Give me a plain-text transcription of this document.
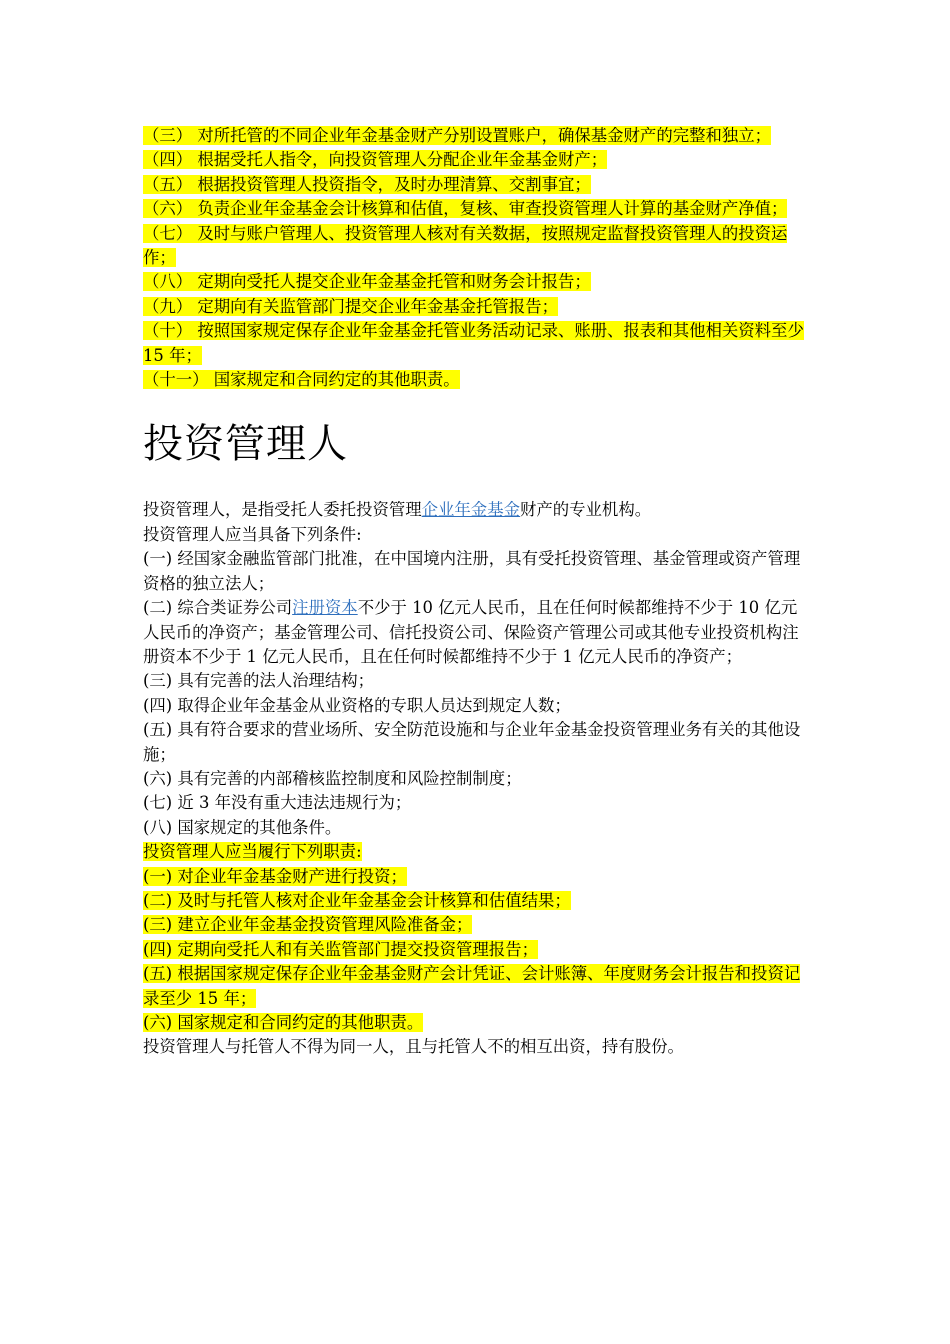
（三） 对所托管的不同企业年金基金财产分别设置账户，确保基金财产的完整和独立；

（四） 根据受托人指令，向投资管理人分配企业年金基金财产；

（五） 根据投资管理人投资指令，及时办理清算、交割事宜；

（六） 负责企业年金基金会计核算和估值，复核、审查投资管理人计算的基金财产净值；

（七） 及时与账户管理人、投资管理人核对有关数据，按照规定监督投资管理人的投资运作；

（八） 定期向受托人提交企业年金基金托管和财务会计报告；

（九） 定期向有关监管部门提交企业年金基金托管报告；

（十） 按照国家规定保存企业年金基金托管业务活动记录、账册、报表和其他相关资料至少 15 年；

（十一） 国家规定和合同约定的其他职责。

投资管理人

投资管理人，是指受托人委托投资管理企业年金基金财产的专业机构。

投资管理人应当具备下列条件:

(一) 经国家金融监管部门批准，在中国境内注册，具有受托投资管理、基金管理或资产管理资格的独立法人；

(二) 综合类证券公司注册资本不少于 10 亿元人民币，且在任何时候都维持不少于 10 亿元人民币的净资产；基金管理公司、信托投资公司、保险资产管理公司或其他专业投资机构注册资本不少于 1 亿元人民币，且在任何时候都维持不少于 1 亿元人民币的净资产；

(三) 具有完善的法人治理结构；

(四) 取得企业年金基金从业资格的专职人员达到规定人数；

(五) 具有符合要求的营业场所、安全防范设施和与企业年金基金投资管理业务有关的其他设施；

(六) 具有完善的内部稽核监控制度和风险控制制度；

(七) 近 3 年没有重大违法违规行为；

(八) 国家规定的其他条件。

投资管理人应当履行下列职责:

(一) 对企业年金基金财产进行投资；

(二) 及时与托管人核对企业年金基金会计核算和估值结果；

(三) 建立企业年金基金投资管理风险准备金；

(四) 定期向受托人和有关监管部门提交投资管理报告；

(五) 根据国家规定保存企业年金基金财产会计凭证、会计账簿、年度财务会计报告和投资记录至少 15 年；

(六) 国家规定和合同约定的其他职责。

投资管理人与托管人不得为同一人，且与托管人不的相互出资，持有股份。
